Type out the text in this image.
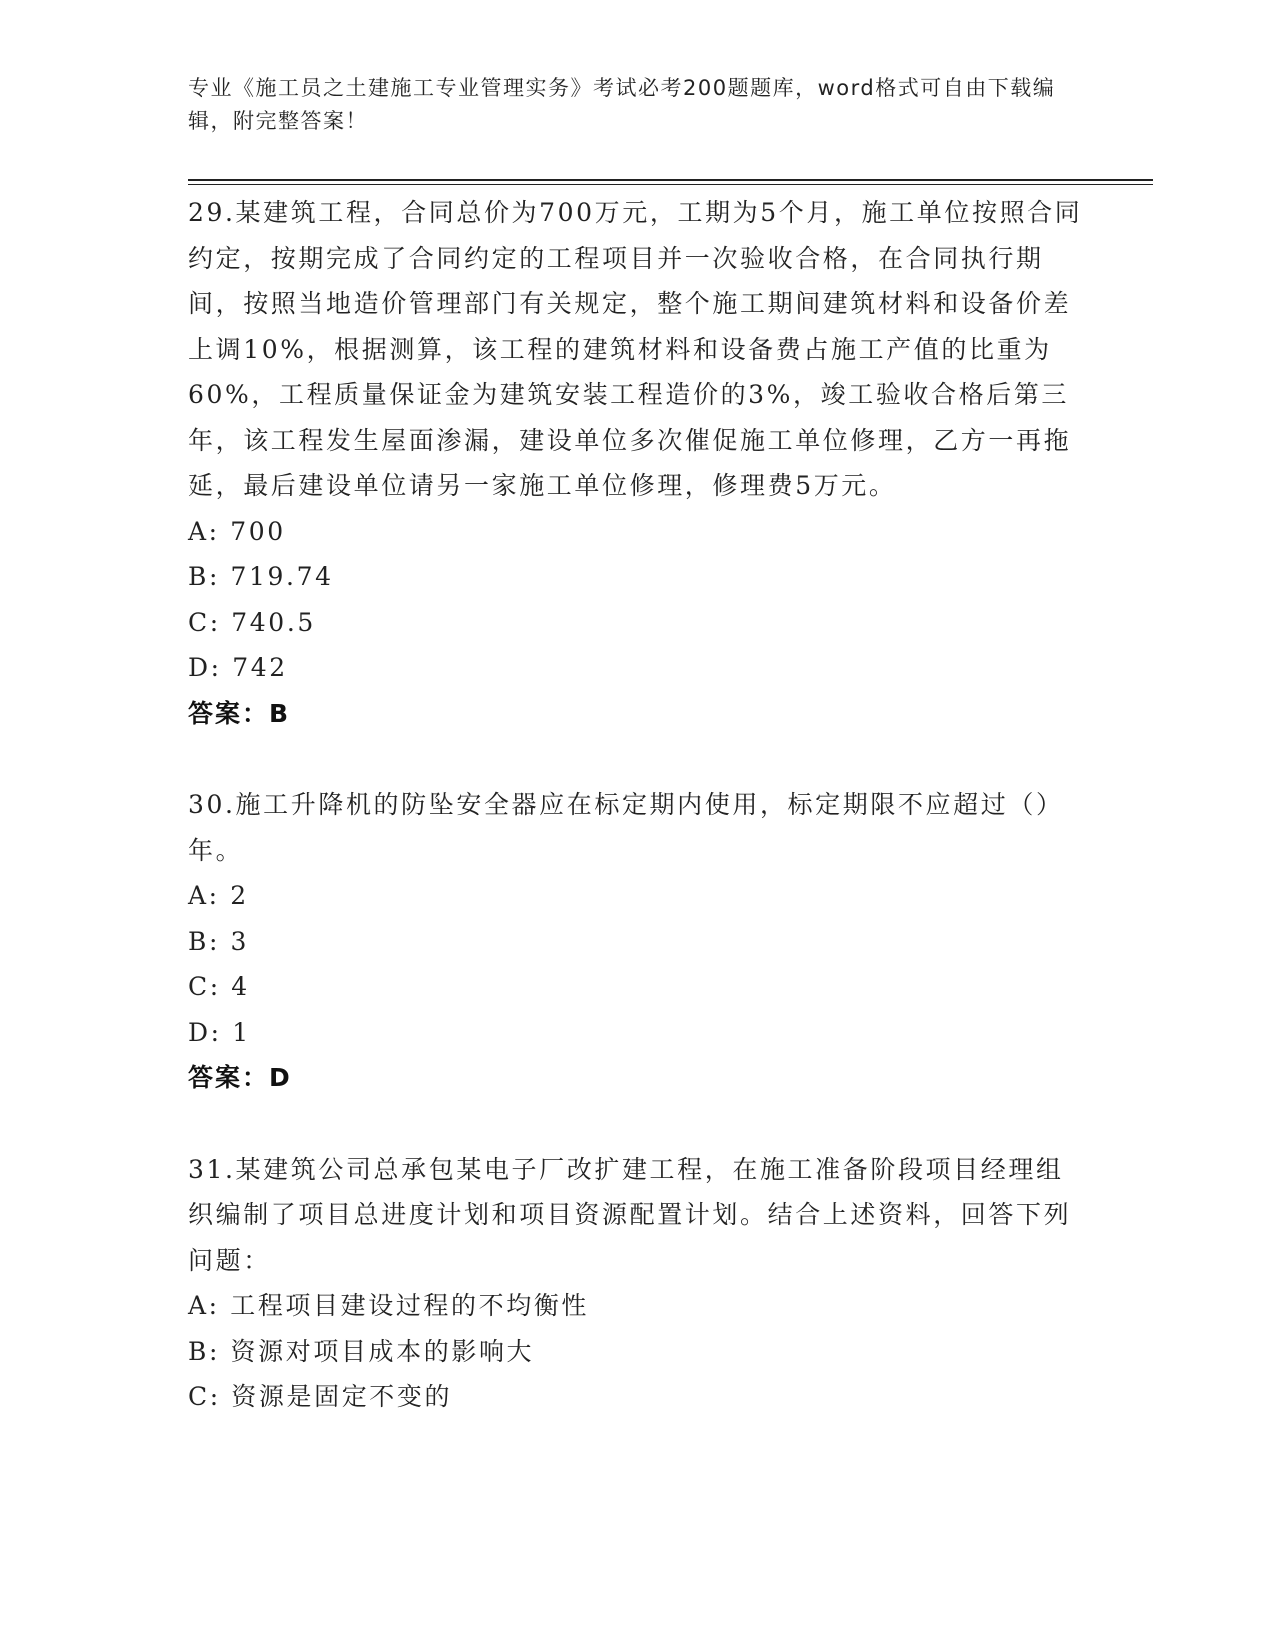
专业《施工员之土建施工专业管理实务》考试必考200题题库，word格式可自由下载编辑，附完整答案！

29.某建筑工程，合同总价为700万元，工期为5个月，施工单位按照合同约定，按期完成了合同约定的工程项目并一次验收合格，在合同执行期间，按照当地造价管理部门有关规定，整个施工期间建筑材料和设备价差上调10%，根据测算，该工程的建筑材料和设备费占施工产值的比重为60%，工程质量保证金为建筑安装工程造价的3%，竣工验收合格后第三年，该工程发生屋面渗漏，建设单位多次催促施工单位修理，乙方一再拖延，最后建设单位请另一家施工单位修理，修理费5万元。

A: 700

B: 719.74

C: 740.5

D: 742

答案：B

30.施工升降机的防坠安全器应在标定期内使用，标定期限不应超过（）年。

A: 2

B: 3

C: 4

D: 1

答案：D

31.某建筑公司总承包某电子厂改扩建工程，在施工准备阶段项目经理组织编制了项目总进度计划和项目资源配置计划。结合上述资料，回答下列问题：

A: 工程项目建设过程的不均衡性

B: 资源对项目成本的影响大

C: 资源是固定不变的
